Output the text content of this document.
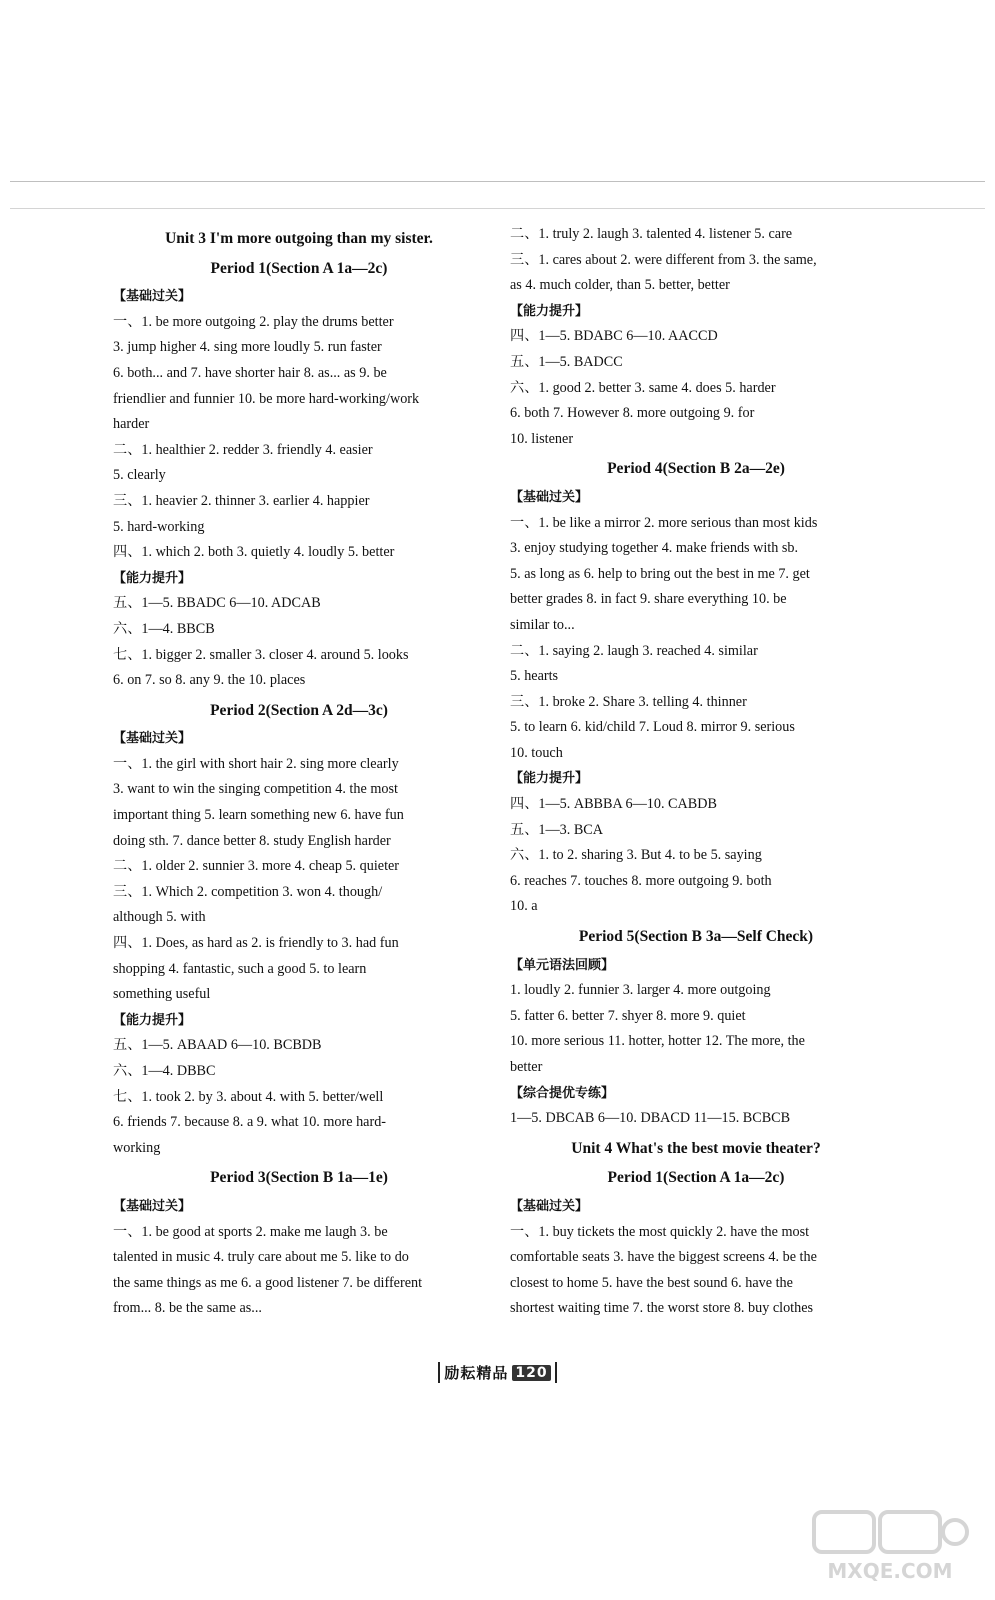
Unit 3 I'm more outgoing than my sister.
Period 1(Section A 1a—2c)
【基础过关】
一、1. be more outgoing 2. play the drums better
3. jump higher 4. sing more loudly 5. run faster
6. both... and 7. have shorter hair 8. as... as 9. be
friendlier and funnier 10. be more hard-working/work
harder
二、1. healthier 2. redder 3. friendly 4. easier
5. clearly
三、1. heavier 2. thinner 3. earlier 4. happier
5. hard-working
四、1. which 2. both 3. quietly 4. loudly 5. better
【能力提升】
五、1—5. BBADC 6—10. ADCAB
六、1—4. BBCB
七、1. bigger 2. smaller 3. closer 4. around 5. looks
6. on 7. so 8. any 9. the 10. places
Period 2(Section A 2d—3c)
【基础过关】
一、1. the girl with short hair 2. sing more clearly
3. want to win the singing competition 4. the most
important thing 5. learn something new 6. have fun
doing sth. 7. dance better 8. study English harder
二、1. older 2. sunnier 3. more 4. cheap 5. quieter
三、1. Which 2. competition 3. won 4. though/
although 5. with
四、1. Does, as hard as 2. is friendly to 3. had fun
shopping 4. fantastic, such a good 5. to learn
something useful
【能力提升】
五、1—5. ABAAD 6—10. BCBDB
六、1—4. DBBC
七、1. took 2. by 3. about 4. with 5. better/well
6. friends 7. because 8. a 9. what 10. more hard-
working
Period 3(Section B 1a—1e)
【基础过关】
一、1. be good at sports 2. make me laugh 3. be
talented in music 4. truly care about me 5. like to do
the same things as me 6. a good listener 7. be different
from... 8. be the same as...
二、1. truly 2. laugh 3. talented 4. listener 5. care
三、1. cares about 2. were different from 3. the same,
as 4. much colder, than 5. better, better
【能力提升】
四、1—5. BDABC 6—10. AACCD
五、1—5. BADCC
六、1. good 2. better 3. same 4. does 5. harder
6. both 7. However 8. more outgoing 9. for
10. listener
Period 4(Section B 2a—2e)
【基础过关】
一、1. be like a mirror 2. more serious than most kids
3. enjoy studying together 4. make friends with sb.
5. as long as 6. help to bring out the best in me 7. get
better grades 8. in fact 9. share everything 10. be
similar to...
二、1. saying 2. laugh 3. reached 4. similar
5. hearts
三、1. broke 2. Share 3. telling 4. thinner
5. to learn 6. kid/child 7. Loud 8. mirror 9. serious
10. touch
【能力提升】
四、1—5. ABBBA 6—10. CABDB
五、1—3. BCA
六、1. to 2. sharing 3. But 4. to be 5. saying
6. reaches 7. touches 8. more outgoing 9. both
10. a
Period 5(Section B 3a—Self Check)
【单元语法回顾】
1. loudly 2. funnier 3. larger 4. more outgoing
5. fatter 6. better 7. shyer 8. more 9. quiet
10. more serious 11. hotter, hotter 12. The more, the
better
【综合提优专练】
1—5. DBCAB 6—10. DBACD 11—15. BCBCB
Unit 4 What's the best movie theater?
Period 1(Section A 1a—2c)
【基础过关】
一、1. buy tickets the most quickly 2. have the most
comfortable seats 3. have the biggest screens 4. be the
closest to home 5. have the best sound 6. have the
shortest waiting time 7. the worst store 8. buy clothes
励耘精品 120
MXQE.COM
